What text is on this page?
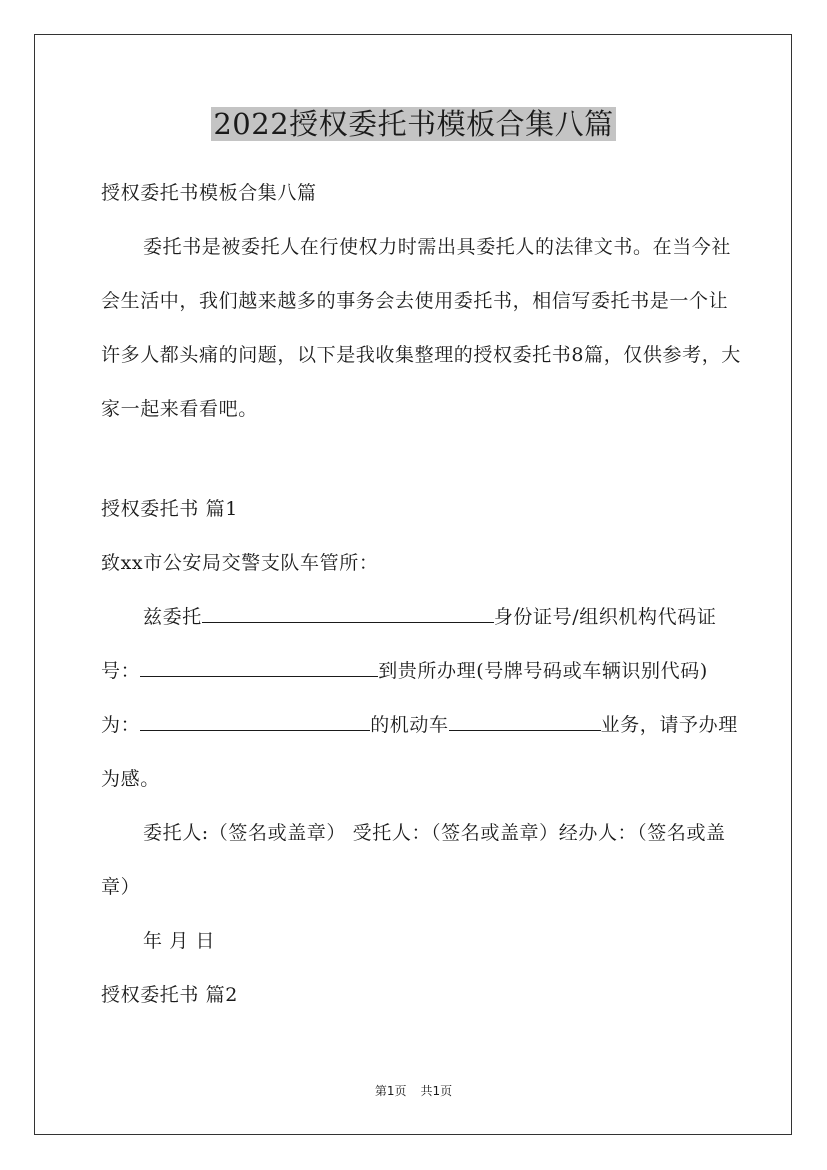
2022授权委托书模板合集八篇

授权委托书模板合集八篇

委托书是被委托人在行使权力时需出具委托人的法律文书。在当今社会生活中，我们越来越多的事务会去使用委托书，相信写委托书是一个让许多人都头痛的问题，以下是我收集整理的授权委托书8篇，仅供参考，大家一起来看看吧。

授权委托书 篇1

致xx市公安局交警支队车管所：

兹委托	身份证号/组织机构代码证号：	到贵所办理(号牌号码或车辆识别代码)为：	的机动车	业务，请予办理为感。

委托人:（签名或盖章） 受托人：（签名或盖章）经办人：（签名或盖章）

年 月 日

授权委托书 篇2

第1页 共1页
